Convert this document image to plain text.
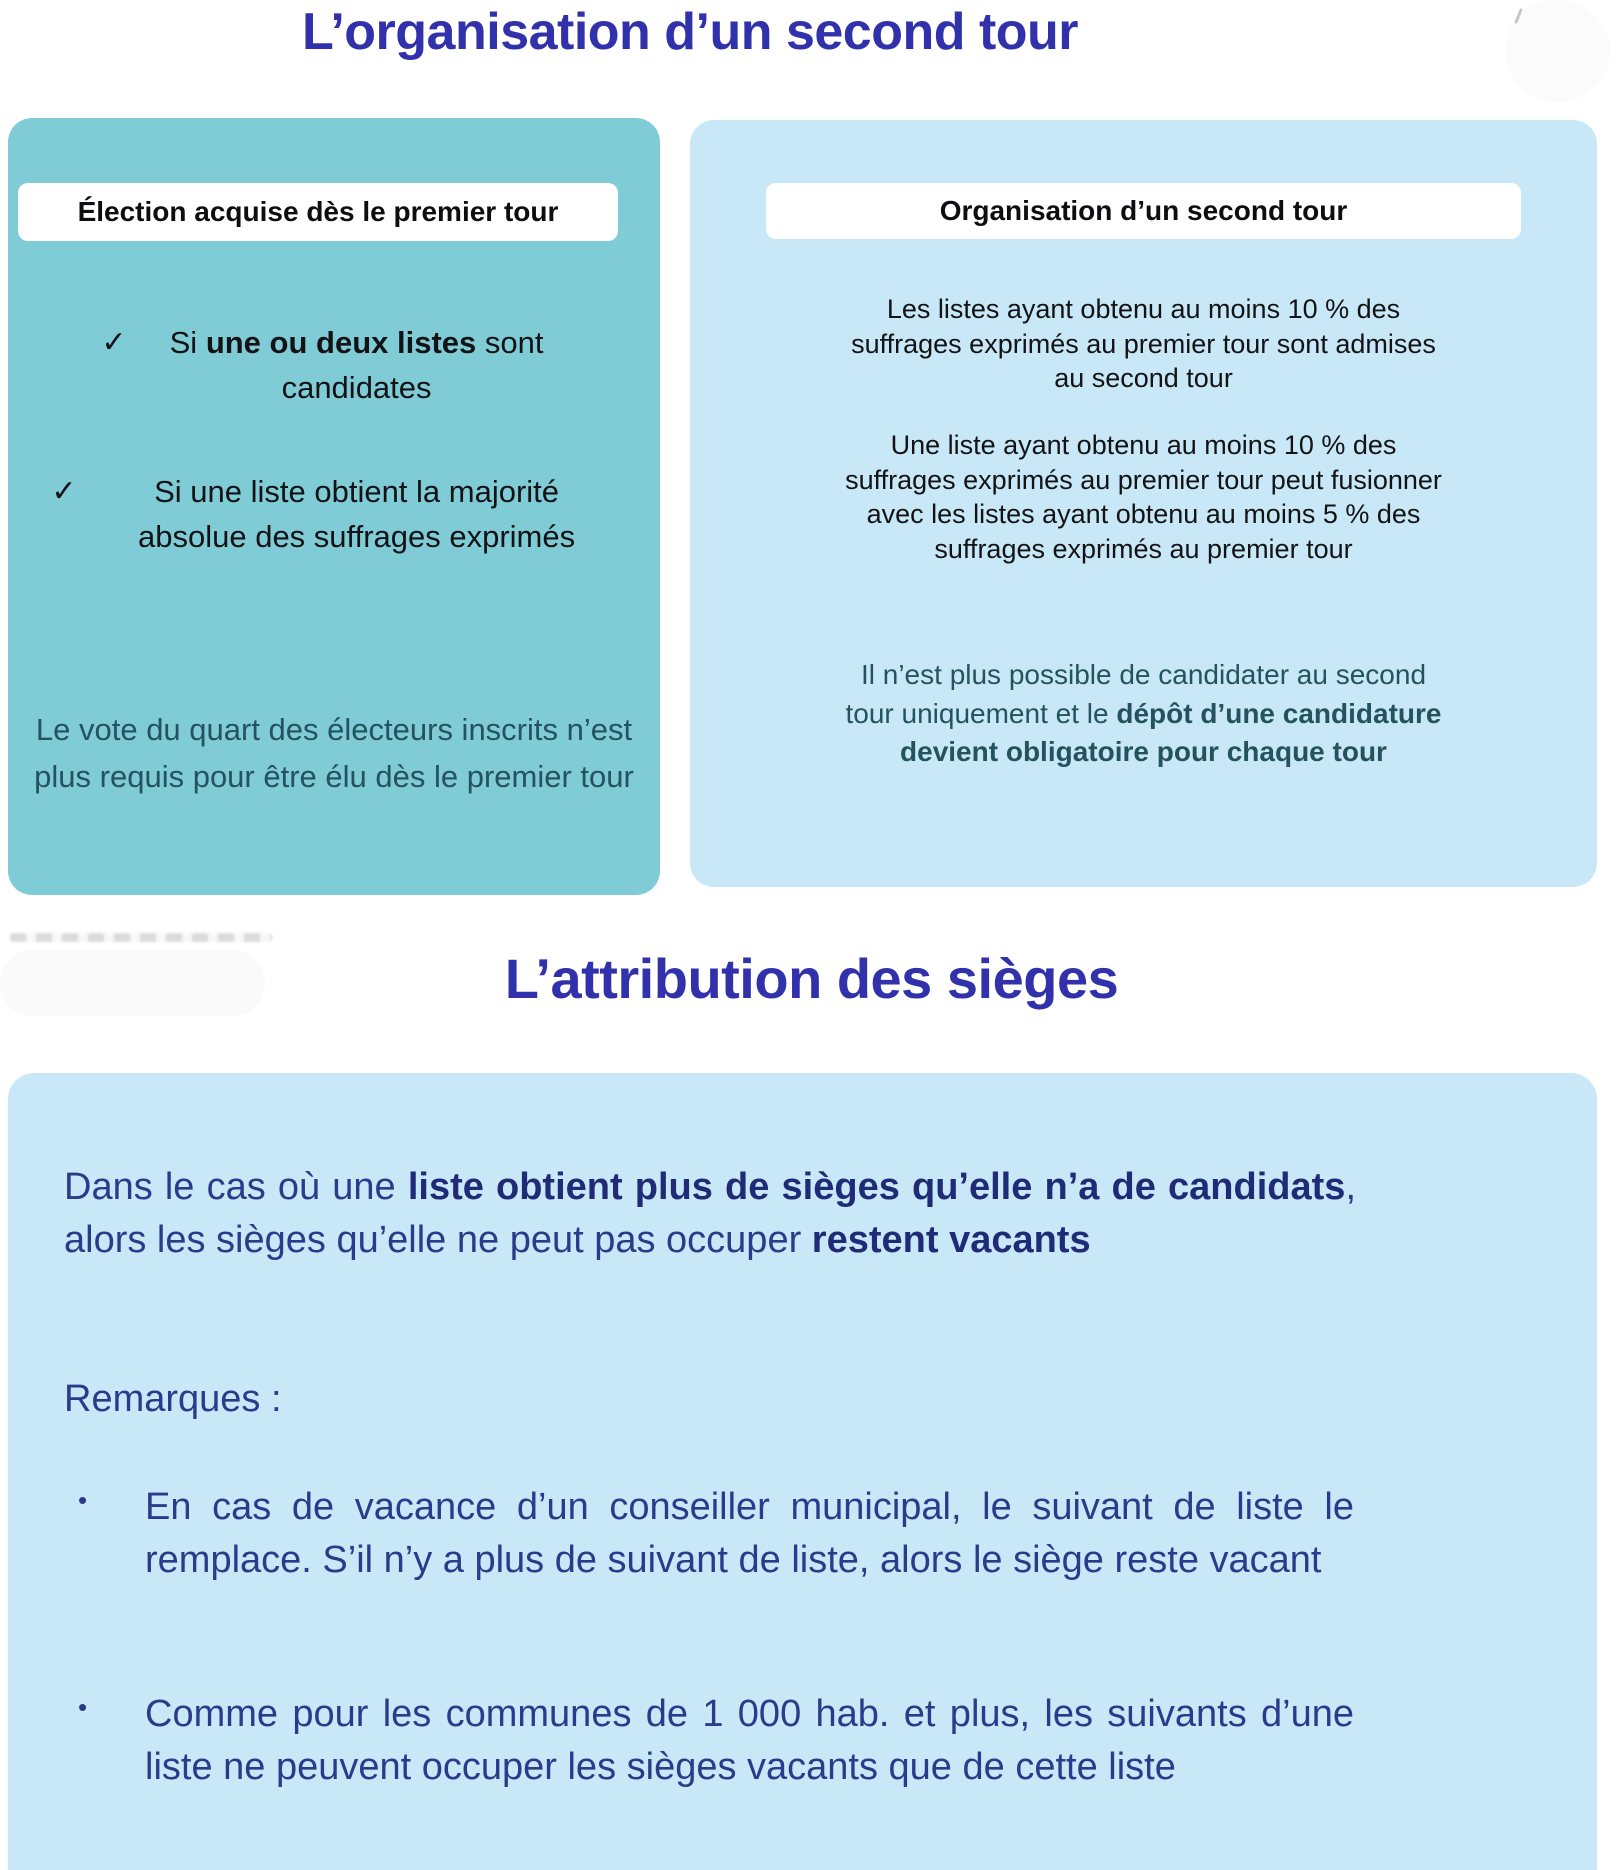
L’organisation d’un second tour
Élection acquise dès le premier tour
✓	Si une ou deux listes sont candidates
✓	Si une liste obtient la majorité absolue des suffrages exprimés

Le vote du quart des électeurs inscrits n’est plus requis pour être élu dès le premier tour

Organisation d’un second tour

Les listes ayant obtenu au moins 10 % des suffrages exprimés au premier tour sont admises au second tour

Une liste ayant obtenu au moins 10 % des suffrages exprimés au premier tour peut fusionner avec les listes ayant obtenu au moins 5 % des suffrages exprimés au premier tour

Il n’est plus possible de candidater au second tour uniquement et le dépôt d’une candidature devient obligatoire pour chaque tour

L’attribution des sièges

Dans le cas où une liste obtient plus de sièges qu’elle n’a de candidats, alors les sièges qu’elle ne peut pas occuper restent vacants

Remarques :

• En cas de vacance d’un conseiller municipal, le suivant de liste le remplace. S’il n’y a plus de suivant de liste, alors le siège reste vacant

• Comme pour les communes de 1 000 hab. et plus, les suivants d’une liste ne peuvent occuper les sièges vacants que de cette liste
